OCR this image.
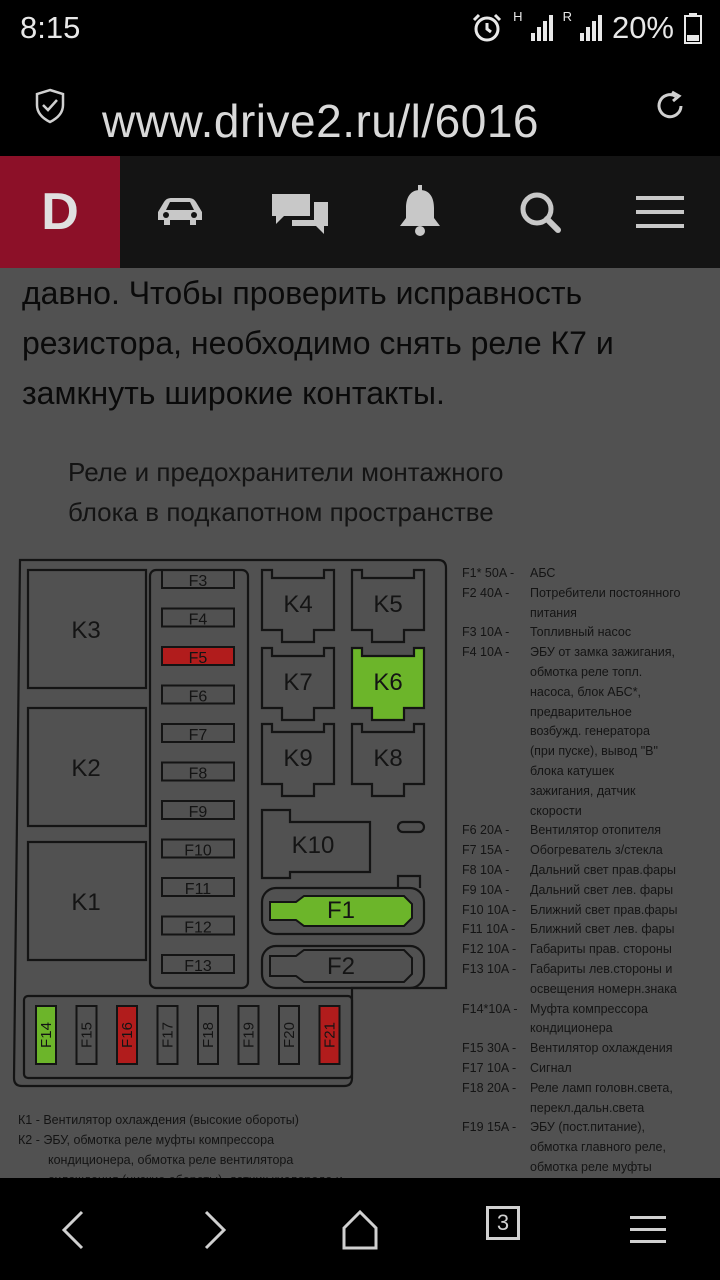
8:15	H	R 20%
www.drive2.ru/l/6016
D
давно. Чтобы проверить исправность резистора, необходимо снять реле К7 и замкнуть широкие контакты.
Реле и предохранители монтажного
блока в подкапотном пространстве
K3
K2
K1
F3
F4
F5
F6
F7
F8
F9
F10
F11
F12
F13
K4	K5
K7	K6
K9	K8
K10
F1
F2
F14 F15 F16 F17 F18 F19 F20 F21
F1* 50A -	АБС
F2 40A -	Потребители постоянного
питания
F3 10A -	Топливный насос
F4 10A -	ЭБУ от замка зажигания,
обмотка реле топл.
насоса, блок АБС*,
предварительное
возбужд. генератора
(при пуске), вывод "В"
блока катушек
зажигания, датчик
скорости
F6 20A -	Вентилятор отопителя
F7 15A -	Обогреватель з/стекла
F8 10A -	Дальний свет прав.фары
F9 10A -	Дальний свет лев. фары
F10 10A -	Ближний свет прав.фары
F11 10A -	Ближний свет лев. фары
F12 10A -	Габариты прав. стороны
F13 10A -	Габариты лев.стороны и
освещения номерн.знака
F14*10A - Муфта компрессора
кондиционера
F15 30A -	Вентилятор охлаждения
F17 10A -	Сигнал
F18 20A -	Реле ламп головн.света,
перекл.дальн.света
F19 15A -	ЭБУ (пост.питание),
обмотка главного реле,
обмотка реле муфты
К1 - Вентилятор охлаждения (высокие обороты)
К2 - ЭБУ, обмотка реле муфты компрессора
кондиционера, обмотка реле вентилятора
3
